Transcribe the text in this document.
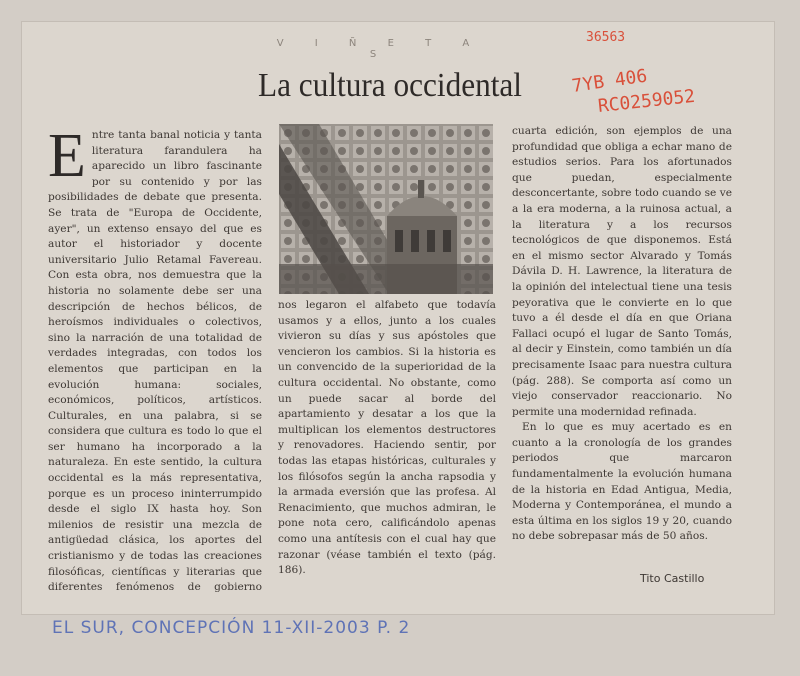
V I Ñ E T A S
La cultura occidental
36563
7YB 406
RC0259052

E ntre tanta banal noticia y tanta literatura farandulera ha aparecido un libro fascinante por su contenido y por las posibilidades de debate que presenta. Se trata de "Europa de Occidente, ayer", un extenso ensayo del que es autor el historiador y docente universitario Julio Retamal Favereau. Con esta obra, nos demuestra que la historia no solamente debe ser una descripción de hechos bélicos, de heroísmos individuales o colectivos, sino la narración de una totalidad de verdades integradas, con todos los elementos que participan en la evolución humana: sociales, económicos, políticos, artísticos. Culturales, en una palabra, si se considera que cultura es todo lo que el ser humano ha incorporado a la naturaleza. En este sentido, la cultura occidental es la más representativa, porque es un proceso ininterrumpido desde el siglo IX hasta hoy. Son milenios de resistir una mezcla de antigüedad clásica, los aportes del cristianismo y de todas las creaciones filosóficas, científicas y literarias que diferentes fenómenos de gobierno

nos legaron el alfabeto que todavía usamos y a ellos, junto a los cuales vivieron su días y sus apóstoles que vencieron los cambios. Si la historia es un convencido de la superioridad de la cultura occidental. No obstante, como un puede sacar al borde del apartamiento y desatar a los que la multiplican los elementos destructores y renovadores. Haciendo sentir, por todas las etapas históricas, culturales y los filósofos según la ancha rapsodia y la armada eversión que las profesa. Al Renacimiento, que muchos admiran, le pone nota cero, calificándolo apenas como una antítesis con el cual hay que razonar (véase también el texto (pág. 186).

cuarta edición, son ejemplos de una profundidad que obliga a echar mano de estudios serios. Para los afortunados que puedan, especialmente desconcertante, sobre todo cuando se ve a la era moderna, a la ruinosa actual, a la literatura y a los recursos tecnológicos de que disponemos. Está en el mismo sector Alvarado y Tomás Dávila D. H. Lawrence, la literatura de la opinión del intelectual tiene una tesis peyorativa que le convierte en lo que tuvo a él desde el día en que Oriana Fallaci ocupó el lugar de Santo Tomás, al decir y Einstein, como también un día precisamente Isaac para nuestra cultura (pág. 288). Se comporta así como un viejo conservador reaccionario. No permite una modernidad refinada.

En lo que es muy acertado es en cuanto a la cronología de los grandes periodos que marcaron fundamentalmente la evolución humana de la historia en Edad Antigua, Media, Moderna y Contemporánea, el mundo a esta última en los siglos 19 y 20, cuando no debe sobrepasar más de 50 años.

Tito Castillo
EL SUR, CONCEPCIÓN 11-XII-2003 P. 2
